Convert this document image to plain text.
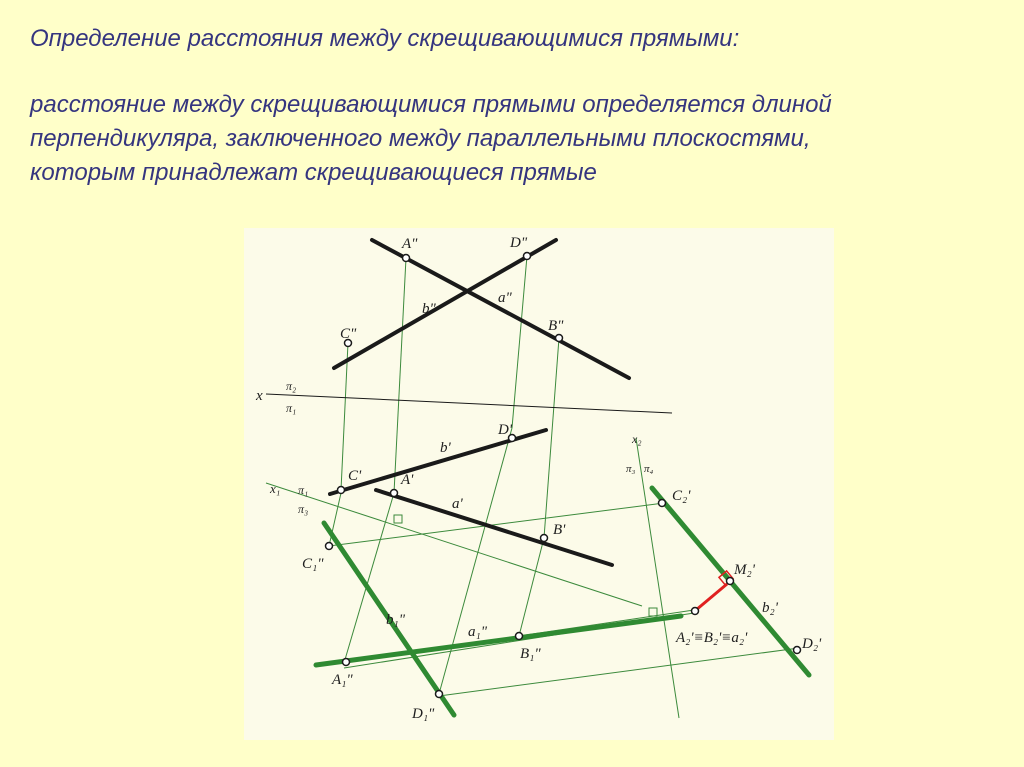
Определение расстояния между скрещивающимися прямыми:
расстояние между скрещивающимися прямыми определяется длиной
перпендикуляра, заключенного между параллельными плоскостями,
которым принадлежат скрещивающиеся прямые
A"	D"
b"
a"
C"	B"
x
π₂
π₁
D'
b'
C'	A'
a'
B'
x₁ π₁
π₃
x₂
π₃ π₄
C₁"
b₁"
a₁"
B₁"
A₁"
D₁"
C₂'
M₂'
b₂'
A₂'≡B₂'≡a₂'	D₂'
